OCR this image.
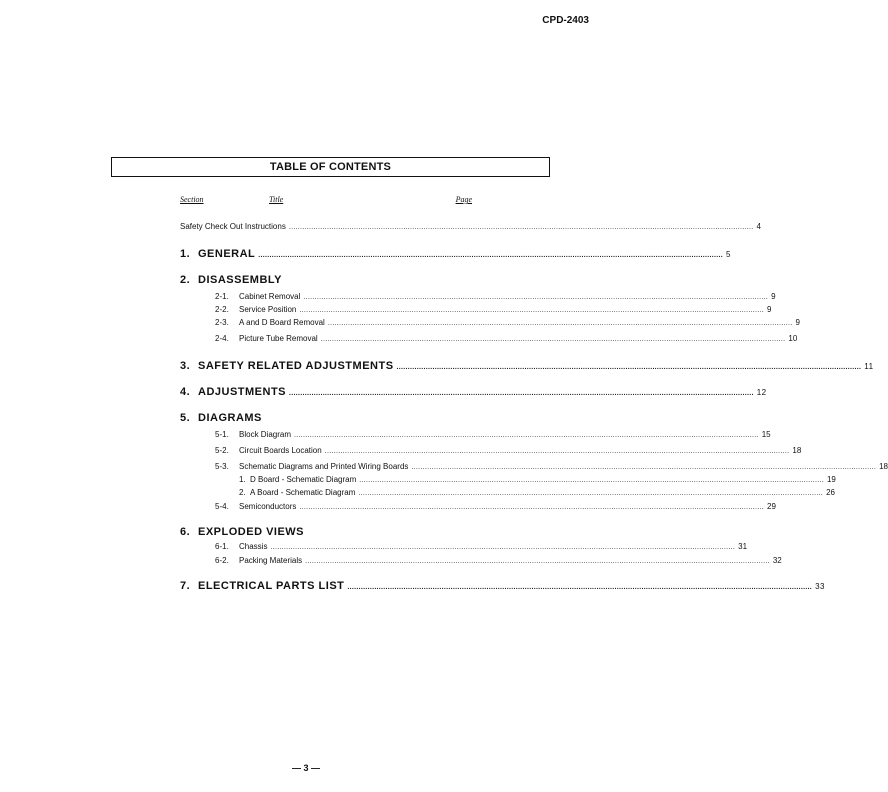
CPD-2403
TABLE OF CONTENTS
Section	Title	Page
Safety Check Out Instructions ............................................................................................................................................................................................................... 4
1. GENERAL ............................................................................................................................................................................................................... 5
2. DISASSEMBLY
2-1. Cabinet Removal ............................................................................................................................................................................................................... 9
2-2. Service Position ............................................................................................................................................................................................................... 9
2-3. A and D Board Removal ............................................................................................................................................................................................................... 9
2-4. Picture Tube Removal ............................................................................................................................................................................................................... 10
3. SAFETY RELATED ADJUSTMENTS ............................................................................................................................................................................................................... 11
4. ADJUSTMENTS ............................................................................................................................................................................................................... 12
5. DIAGRAMS
5-1. Block Diagram ............................................................................................................................................................................................................... 15
5-2. Circuit Boards Location ............................................................................................................................................................................................................... 18
5-3. Schematic Diagrams and Printed Wiring Boards ............................................................................................................................................................................................................... 18
1. D Board - Schematic Diagram ............................................................................................................................................................................................................... 19
2. A Board - Schematic Diagram ............................................................................................................................................................................................................... 26
5-4. Semiconductors ............................................................................................................................................................................................................... 29
6. EXPLODED VIEWS
6-1. Chassis ............................................................................................................................................................................................................... 31
6-2. Packing Materials ............................................................................................................................................................................................................... 32
7. ELECTRICAL PARTS LIST ............................................................................................................................................................................................................... 33
— 3 —
